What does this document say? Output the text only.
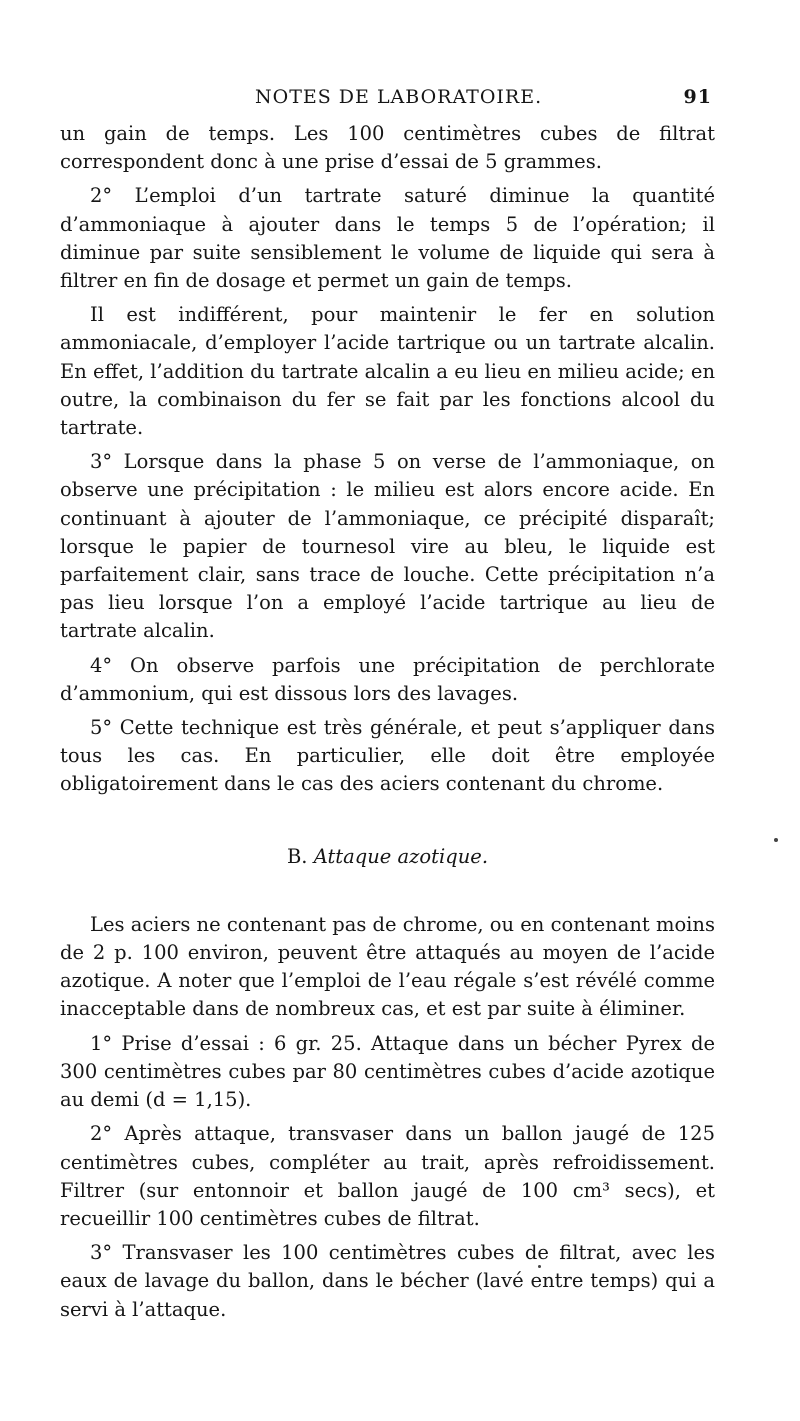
NOTES DE LABORATOIRE.	91

un gain de temps. Les 100 centimètres cubes de filtrat correspondent donc à une prise d’essai de 5 grammes.

2° L’emploi d’un tartrate saturé diminue la quantité d’ammoniaque à ajouter dans le temps 5 de l’opération; il diminue par suite sensiblement le volume de liquide qui sera à filtrer en fin de dosage et permet un gain de temps.

Il est indifférent, pour maintenir le fer en solution ammoniacale, d’employer l’acide tartrique ou un tartrate alcalin. En effet, l’addition du tartrate alcalin a eu lieu en milieu acide; en outre, la combinaison du fer se fait par les fonctions alcool du tartrate.

3° Lorsque dans la phase 5 on verse de l’ammoniaque, on observe une précipitation : le milieu est alors encore acide. En continuant à ajouter de l’ammoniaque, ce précipité disparaît; lorsque le papier de tournesol vire au bleu, le liquide est parfaitement clair, sans trace de louche. Cette précipitation n’a pas lieu lorsque l’on a employé l’acide tartrique au lieu de tartrate alcalin.

4° On observe parfois une précipitation de perchlorate d’ammonium, qui est dissous lors des lavages.

5° Cette technique est très générale, et peut s’appliquer dans tous les cas. En particulier, elle doit être employée obligatoirement dans le cas des aciers contenant du chrome.

B. Attaque azotique.

Les aciers ne contenant pas de chrome, ou en contenant moins de 2 p. 100 environ, peuvent être attaqués au moyen de l’acide azotique. A noter que l’emploi de l’eau régale s’est révélé comme inacceptable dans de nombreux cas, et est par suite à éliminer.

1° Prise d’essai : 6 gr. 25. Attaque dans un bécher Pyrex de 300 centimètres cubes par 80 centimètres cubes d’acide azotique au demi (d = 1,15).

2° Après attaque, transvaser dans un ballon jaugé de 125 centimètres cubes, compléter au trait, après refroidissement. Filtrer (sur entonnoir et ballon jaugé de 100 cm³ secs), et recueillir 100 centimètres cubes de filtrat.

3° Transvaser les 100 centimètres cubes de filtrat, avec les eaux de lavage du ballon, dans le bécher (lavé entre temps) qui a servi à l’attaque.
